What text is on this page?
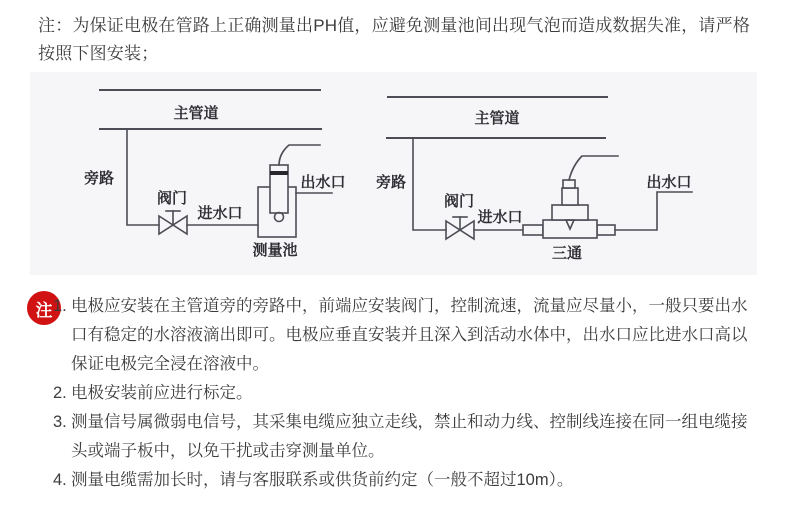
注：为保证电极在管路上正确测量出PH值，应避免测量池间出现气泡而造成数据失准，请严格按照下图安装；
主管道
旁路
阀门
进水口
出水口
测量池
主管道
旁路
阀门
进水口
出水口
三通
注 1. 电极应安装在主管道旁的旁路中，前端应安装阀门，控制流速，流量应尽量小，一般只要出水口有稳定的水溶液滴出即可。电极应垂直安装并且深入到活动水体中，出水口应比进水口高以保证电极完全浸在溶液中。
2. 电极安装前应进行标定。
3. 测量信号属微弱电信号，其采集电缆应独立走线，禁止和动力线、控制线连接在同一组电缆接头或端子板中，以免干扰或击穿测量单位。
4. 测量电缆需加长时，请与客服联系或供货前约定（一般不超过10m）。
